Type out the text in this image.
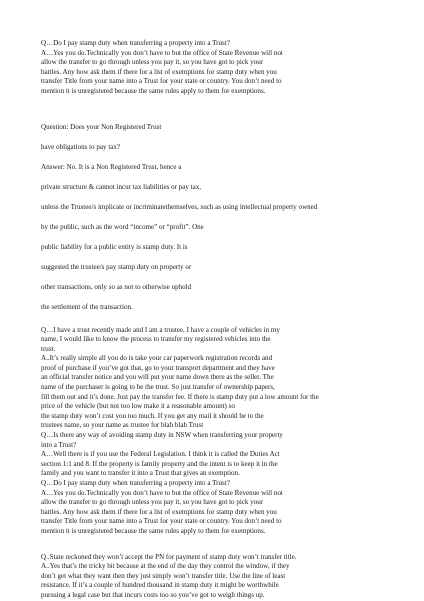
Q…Do I pay stamp duty when transferring a property into a Trust?
A…Yes you do.Technically you don’t have to but the office of State Revenue will not
allow the transfer to go through unless you pay it, so you have got to pick your
battles. Any how ask them if there for a list of exemptions for stamp duty when you
transfer Title from your name into a Trust for your state or country. You don’t need to
mention it is unregistered because the same rules apply to them for exemptions.
Question: Does your Non Registered Trust
have obligations to pay tax?
Answer: No. It is a Non Registered Trust, hence a
private structure & cannot incur tax liabilities or pay tax,
unless the Trustee/s implicate or incriminatethemselves, such as using intellectual property owned
by the public, such as the word “income” or “profit”. One
public liability for a public entity is stamp duty. It is
suggested the trustee/s pay stamp duty on property or
other transactions, only so as not to otherwise uphold
the settlement of the transaction.
Q…I have a trust recently made and I am a trustee, I have a couple of vehicles in my
name, I would like to know the process to transfer my registered vehicles into the
trust.
A..It’s really simple all you do is take your car paperwork registration records and
proof of purchase if you’ve got that, go to your transport department and they have
an official transfer notice and you will put your name down there as the seller. The
name of the purchaser is going to be the trust. So just transfer of ownership papers,
fill them out and it’s done. Just pay the transfer fee. If there is stamp duty put a low amount for the
price of the vehicle (but not too low make it a reasonable amount) so
the stamp duty won’t cost you too much. If you get any mail it should be to the
trustees name, so your name as trustee for blah blah Trust
Q…Is there any way of avoiding stamp duty in NSW when transferring your property
into a Trust?
A…Well there is if you use the Federal Legislation. I think it is called the Duties Act
section 1:1 and 8. If the property is family property and the intent is to keep it in the
family and you want to transfer it into a Trust that gives an exemption.
Q…Do I pay stamp duty when transferring a property into a Trust?
A…Yes you do.Technically you don’t have to but the office of State Revenue will not
allow the transfer to go through unless you pay it, so you have got to pick your
battles. Any how ask them if there for a list of exemptions for stamp duty when you
transfer Title from your name into a Trust for your state or country. You don’t need to
mention it is unregistered because the same rules apply to them for exemptions.
Q..State reckoned they won’t accept the PN for payment of stamp duty won’t transfer title.
A..Yes that’s the tricky bit because at the end of the day they control the window, if they
don’t get what they want then they just simply won’t transfer title. Use the line of least
resistance. If it’s a couple of hundred thousand in stamp duty it might be worthwhile
pursuing a legal case but that incurs costs too so you’ve got to weigh things up.
